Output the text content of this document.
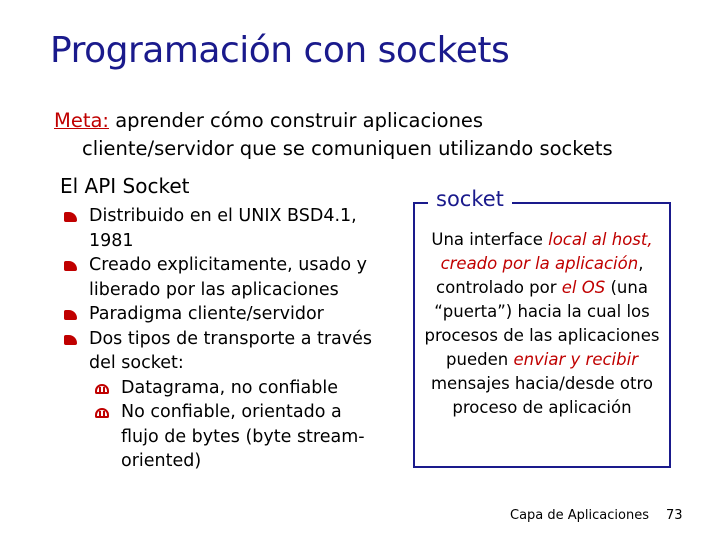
Programación con sockets
Meta: aprender cómo construir aplicaciones
cliente/servidor que se comuniquen utilizando sockets
El API Socket
Distribuido en el UNIX BSD4.1, 1981
Creado explicitamente, usado y liberado por las aplicaciones
Paradigma cliente/servidor
Dos tipos de transporte a través del socket:
Datagrama, no confiable
No confiable, orientado a flujo de bytes (byte stream-oriented)
socket
Una interface local al host, creado por la aplicación, controlado por el OS (una “puerta”) hacia la cual los procesos de las aplicaciones pueden enviar y recibir mensajes hacia/desde otro proceso de aplicación
Capa de Aplicaciones 73
